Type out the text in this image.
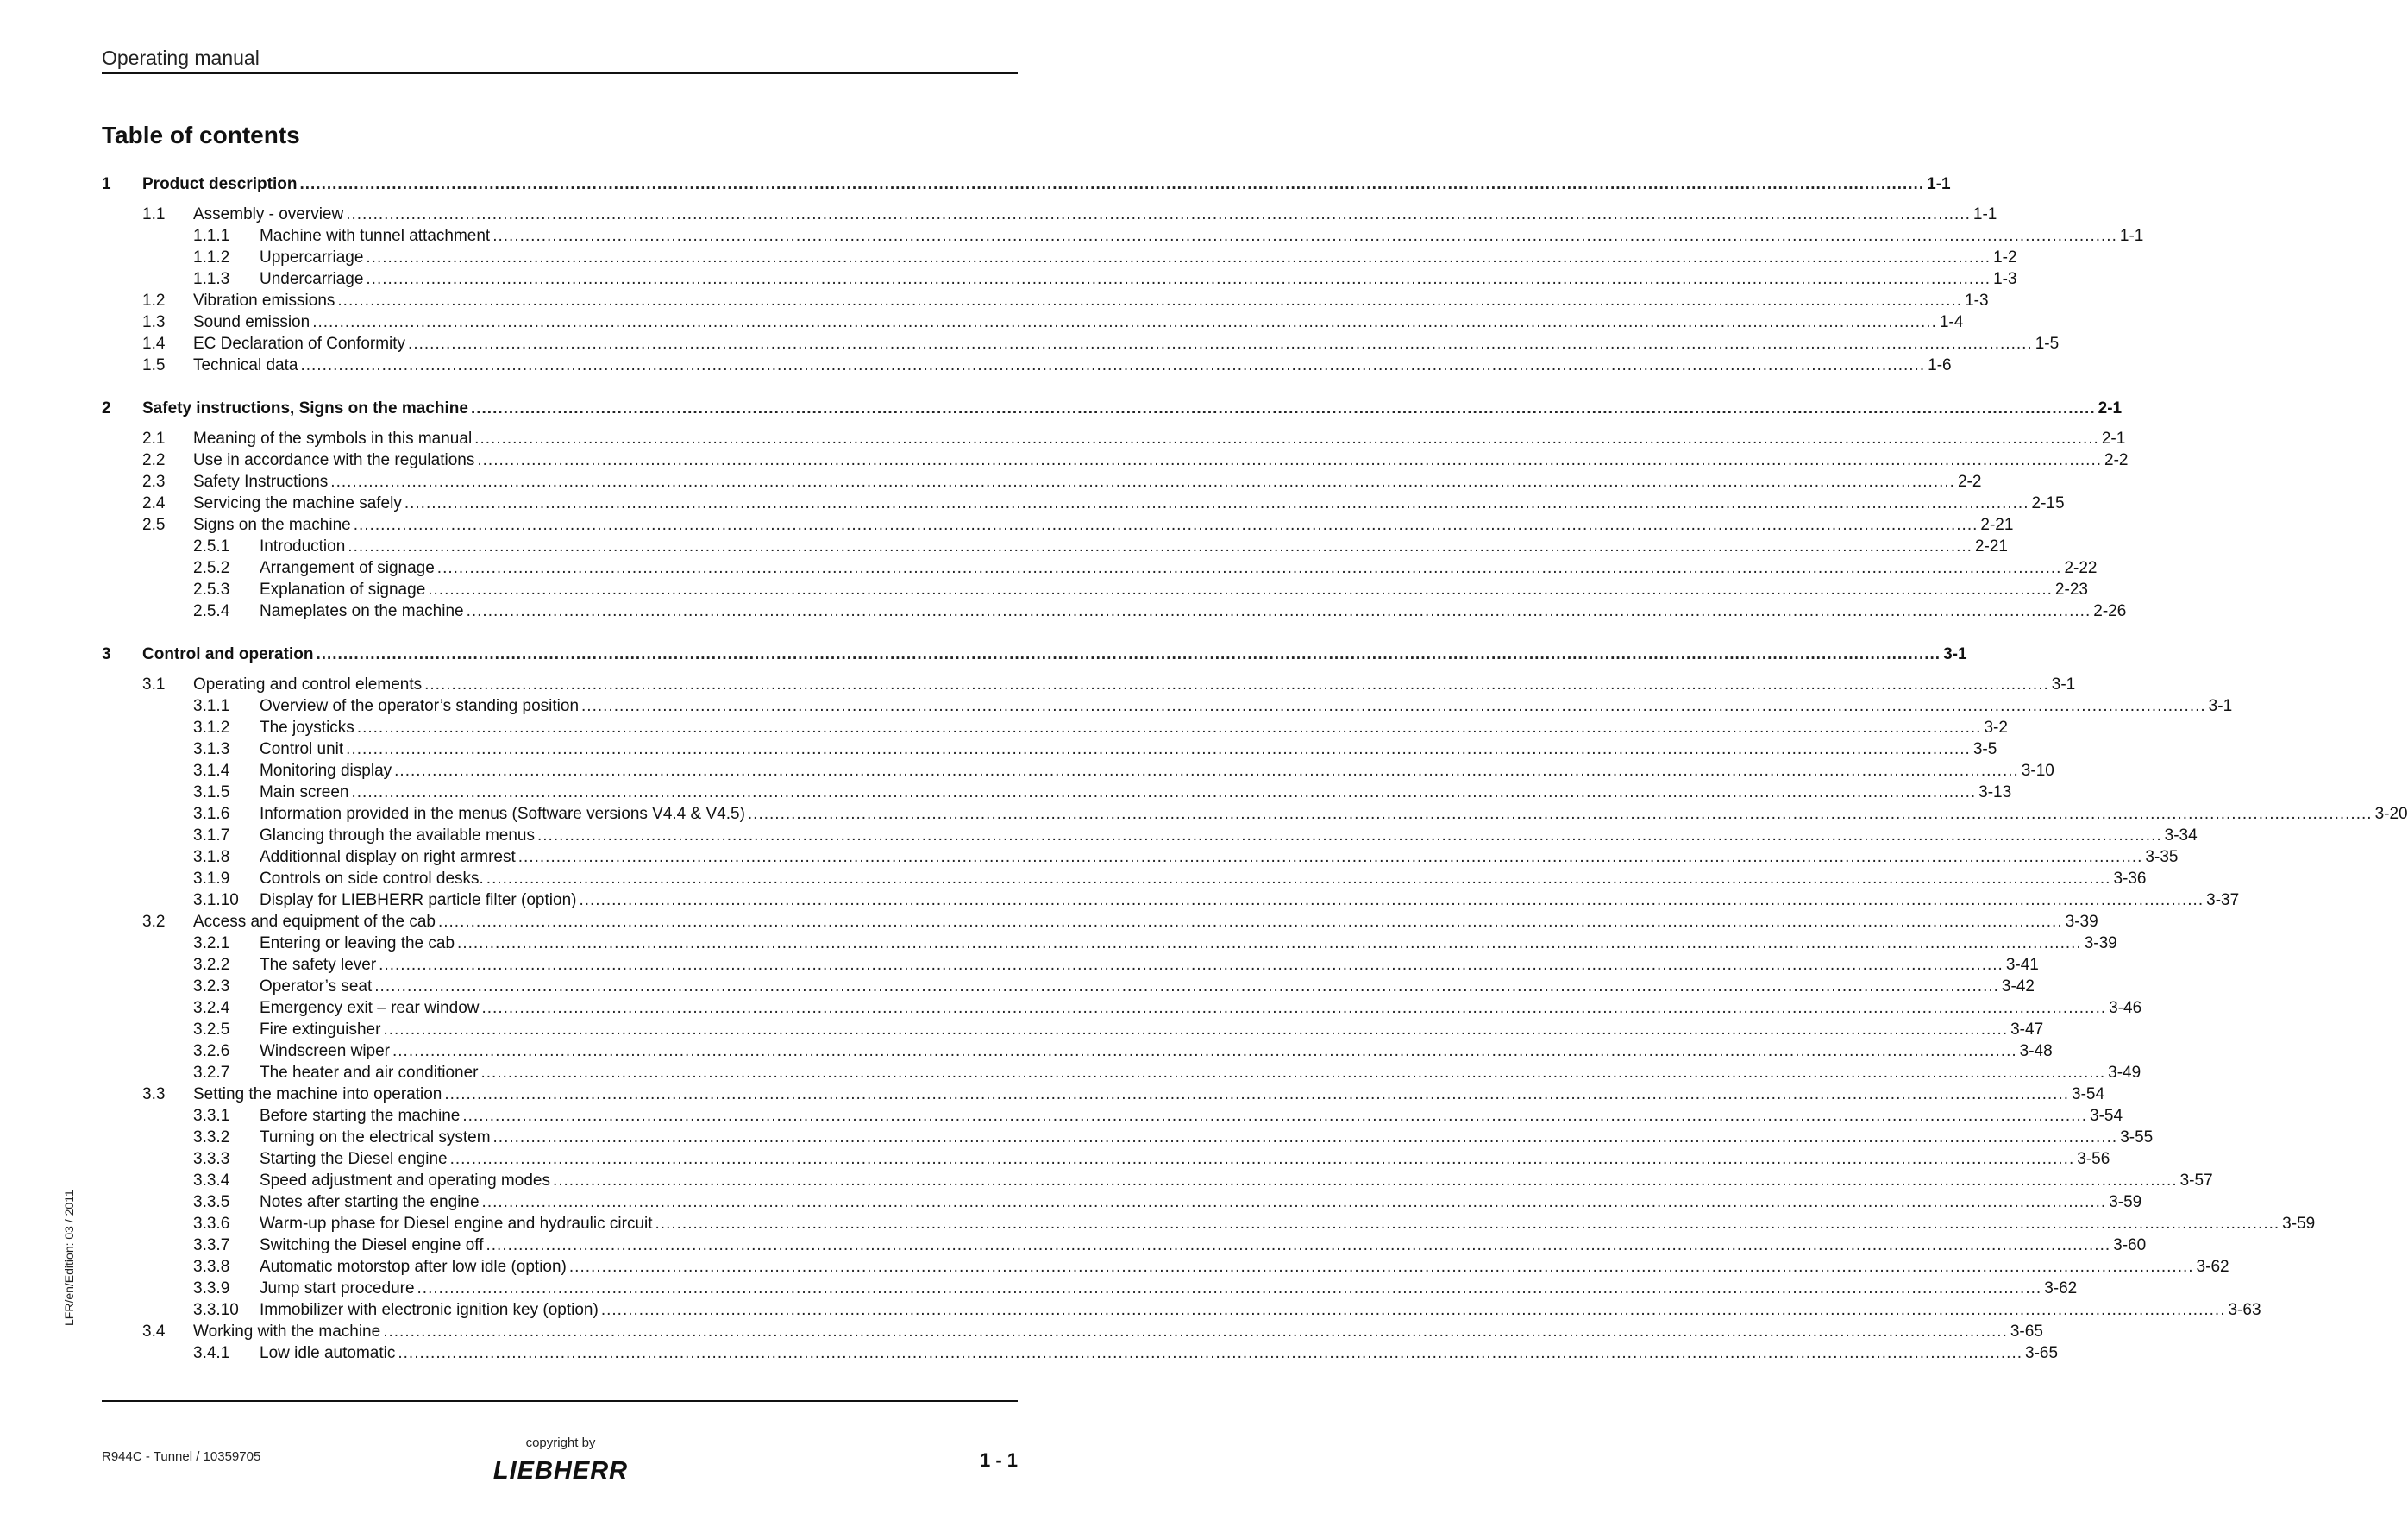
Operating manual
Table of contents
1 Product description ............................................................................................................................................................................................................................................................................................................ 1-1
1.1 Assembly - overview ............................................................................................................................................................................................................................................................................................................ 1-1
1.1.1 Machine with tunnel attachment ............................................................................................................................................................................................................................................................................................................ 1-1
1.1.2 Uppercarriage ............................................................................................................................................................................................................................................................................................................ 1-2
1.1.3 Undercarriage ............................................................................................................................................................................................................................................................................................................ 1-3
1.2 Vibration emissions ............................................................................................................................................................................................................................................................................................................ 1-3
1.3 Sound emission ............................................................................................................................................................................................................................................................................................................ 1-4
1.4 EC Declaration of Conformity ............................................................................................................................................................................................................................................................................................................ 1-5
1.5 Technical data ............................................................................................................................................................................................................................................................................................................ 1-6
2 Safety instructions, Signs on the machine ............................................................................................................................................................................................................................................................................................................ 2-1
2.1 Meaning of the symbols in this manual ............................................................................................................................................................................................................................................................................................................ 2-1
2.2 Use in accordance with the regulations ............................................................................................................................................................................................................................................................................................................ 2-2
2.3 Safety Instructions ............................................................................................................................................................................................................................................................................................................ 2-2
2.4 Servicing the machine safely ............................................................................................................................................................................................................................................................................................................ 2-15
2.5 Signs on the machine ............................................................................................................................................................................................................................................................................................................ 2-21
2.5.1 Introduction ............................................................................................................................................................................................................................................................................................................ 2-21
2.5.2 Arrangement of signage ............................................................................................................................................................................................................................................................................................................ 2-22
2.5.3 Explanation of signage ............................................................................................................................................................................................................................................................................................................ 2-23
2.5.4 Nameplates on the machine ............................................................................................................................................................................................................................................................................................................ 2-26
3 Control and operation ............................................................................................................................................................................................................................................................................................................ 3-1
3.1 Operating and control elements ............................................................................................................................................................................................................................................................................................................ 3-1
3.1.1 Overview of the operator’s standing position ............................................................................................................................................................................................................................................................................................................ 3-1
3.1.2 The joysticks ............................................................................................................................................................................................................................................................................................................ 3-2
3.1.3 Control unit ............................................................................................................................................................................................................................................................................................................ 3-5
3.1.4 Monitoring display ............................................................................................................................................................................................................................................................................................................ 3-10
3.1.5 Main screen ............................................................................................................................................................................................................................................................................................................ 3-13
3.1.6 Information provided in the menus (Software versions V4.4 & V4.5) ............................................................................................................................................................................................................................................................................................................ 3-20
3.1.7 Glancing through the available menus ............................................................................................................................................................................................................................................................................................................ 3-34
3.1.8 Additionnal display on right armrest ............................................................................................................................................................................................................................................................................................................ 3-35
3.1.9 Controls on side control desks. ............................................................................................................................................................................................................................................................................................................ 3-36
3.1.10 Display for LIEBHERR particle filter (option) ............................................................................................................................................................................................................................................................................................................ 3-37
3.2 Access and equipment of the cab ............................................................................................................................................................................................................................................................................................................ 3-39
3.2.1 Entering or leaving the cab ............................................................................................................................................................................................................................................................................................................ 3-39
3.2.2 The safety lever ............................................................................................................................................................................................................................................................................................................ 3-41
3.2.3 Operator’s seat ............................................................................................................................................................................................................................................................................................................ 3-42
3.2.4 Emergency exit – rear window ............................................................................................................................................................................................................................................................................................................ 3-46
3.2.5 Fire extinguisher ............................................................................................................................................................................................................................................................................................................ 3-47
3.2.6 Windscreen wiper ............................................................................................................................................................................................................................................................................................................ 3-48
3.2.7 The heater and air conditioner ............................................................................................................................................................................................................................................................................................................ 3-49
3.3 Setting the machine into operation ............................................................................................................................................................................................................................................................................................................ 3-54
3.3.1 Before starting the machine ............................................................................................................................................................................................................................................................................................................ 3-54
3.3.2 Turning on the electrical system ............................................................................................................................................................................................................................................................................................................ 3-55
3.3.3 Starting the Diesel engine ............................................................................................................................................................................................................................................................................................................ 3-56
3.3.4 Speed adjustment and operating modes ............................................................................................................................................................................................................................................................................................................ 3-57
3.3.5 Notes after starting the engine ............................................................................................................................................................................................................................................................................................................ 3-59
3.3.6 Warm-up phase for Diesel engine and hydraulic circuit ............................................................................................................................................................................................................................................................................................................ 3-59
3.3.7 Switching the Diesel engine off ............................................................................................................................................................................................................................................................................................................ 3-60
3.3.8 Automatic motorstop after low idle (option) ............................................................................................................................................................................................................................................................................................................ 3-62
3.3.9 Jump start procedure ............................................................................................................................................................................................................................................................................................................ 3-62
3.3.10 Immobilizer with electronic ignition key (option) ............................................................................................................................................................................................................................................................................................................ 3-63
3.4 Working with the machine ............................................................................................................................................................................................................................................................................................................ 3-65
3.4.1 Low idle automatic ............................................................................................................................................................................................................................................................................................................ 3-65
LFR/en/Edition: 03 / 2011
R944C - Tunnel / 10359705
copyright by
LIEBHERR	1 - 1
